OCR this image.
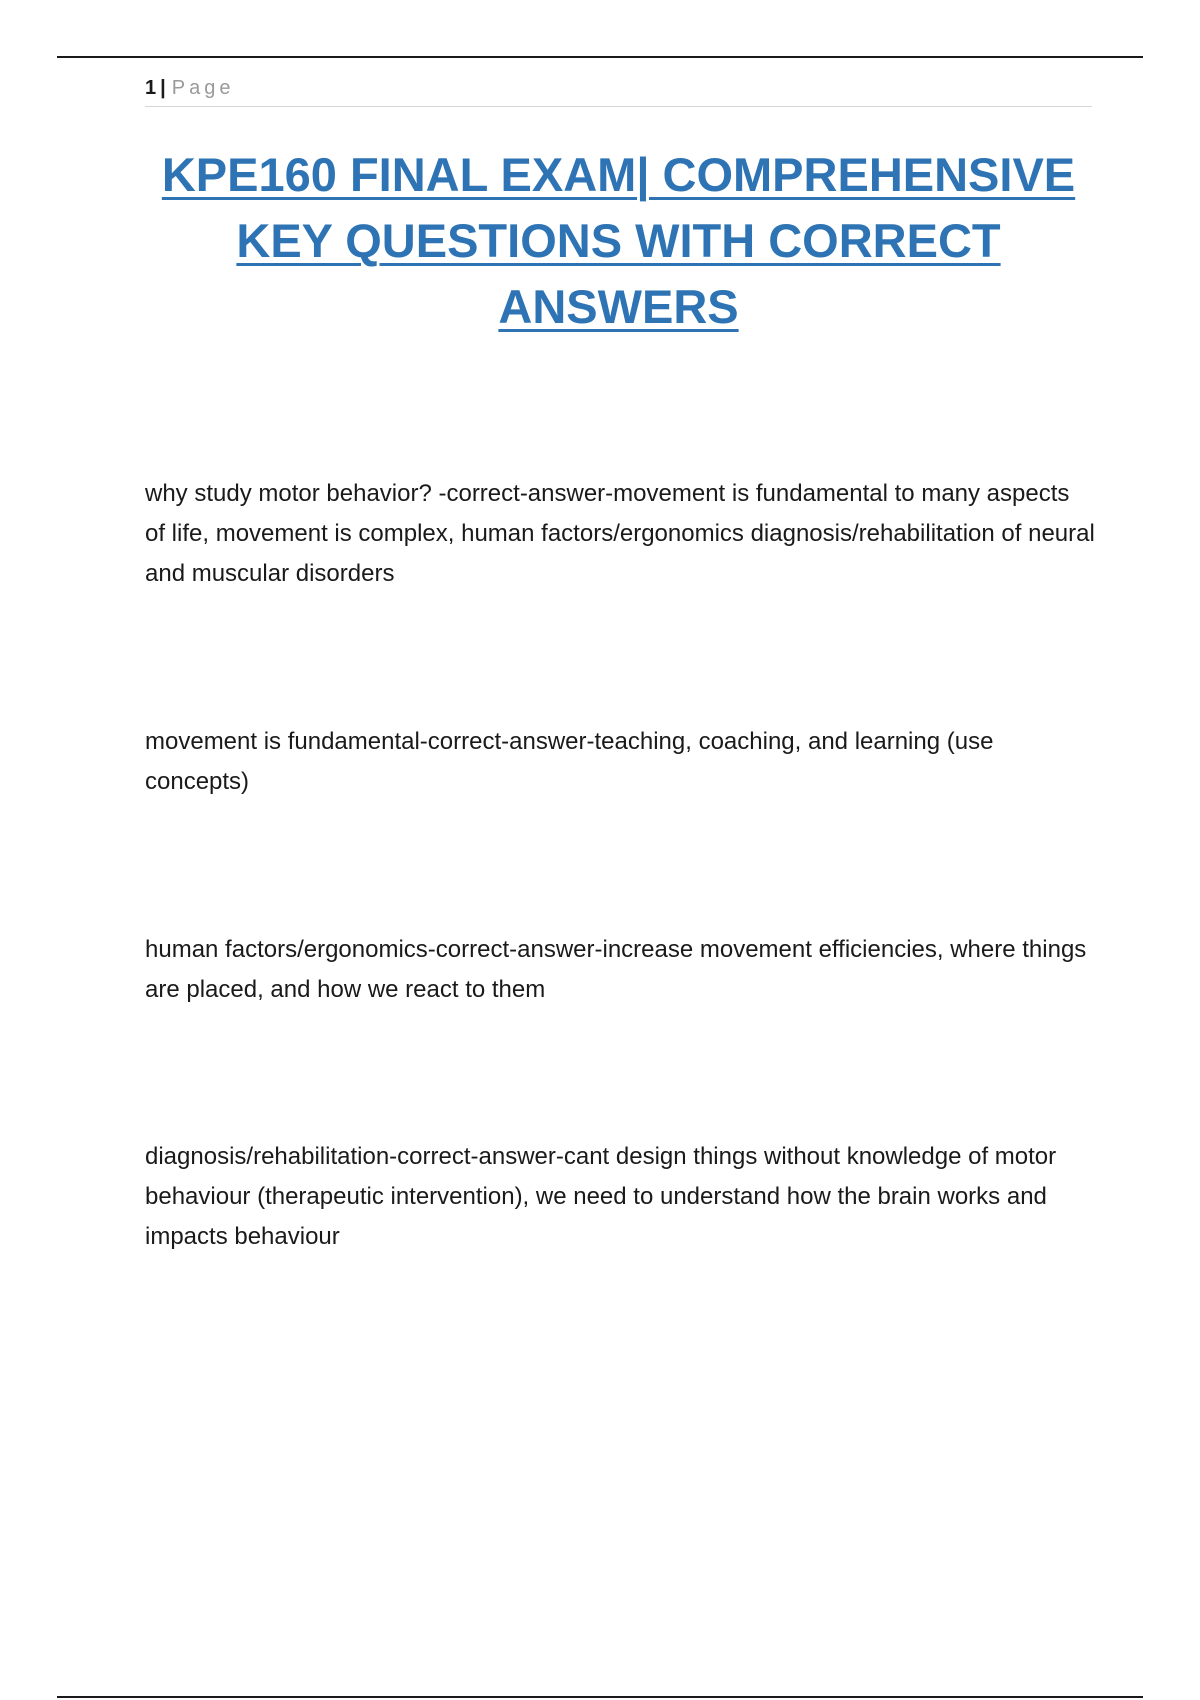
1 | Page
KPE160 FINAL EXAM| COMPREHENSIVE
KEY QUESTIONS WITH CORRECT
ANSWERS

why study motor behavior? -correct-answer-movement is fundamental to many aspects of life, movement is complex, human factors/ergonomics diagnosis/rehabilitation of neural and muscular disorders

movement is fundamental-correct-answer-teaching, coaching, and learning (use concepts)

human factors/ergonomics-correct-answer-increase movement efficiencies, where things are placed, and how we react to them

diagnosis/rehabilitation-correct-answer-cant design things without knowledge of motor behaviour (therapeutic intervention), we need to understand how the brain works and impacts behaviour
